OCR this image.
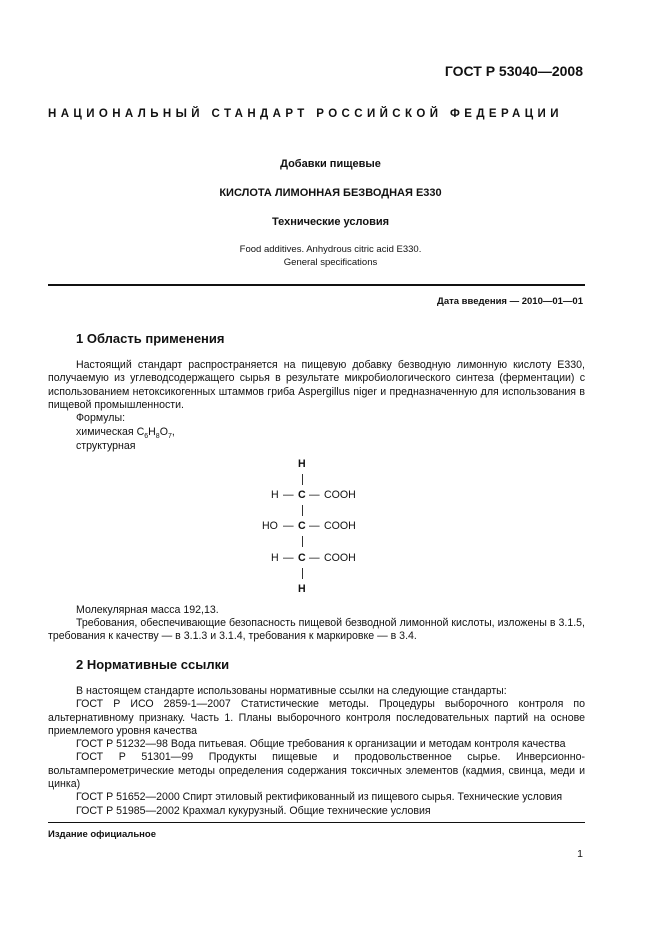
ГОСТ Р 53040—2008
НАЦИОНАЛЬНЫЙ СТАНДАРТ РОССИЙСКОЙ ФЕДЕРАЦИИ
Добавки пищевые
КИСЛОТА ЛИМОННАЯ БЕЗВОДНАЯ Е330
Технические условия
Food additives. Anhydrous citric acid E330.
General specifications
Дата введения — 2010—01—01
1 Область применения

Настоящий стандарт распространяется на пищевую добавку безводную лимонную кислоту Е330, получаемую из углеводсодержащего сырья в результате микробиологического синтеза (ферментации) с использованием нетоксикогенных штаммов гриба Aspergillus niger и предназначенную для использования в пищевой промышленности.

Формулы:
химическая $C_6H_8O_7$,
структурная
H
H — C — COOH
HO — C — COOH
H — C — COOH
H
Молекулярная масса 192,13.

Требования, обеспечивающие безопасность пищевой безводной лимонной кислоты, изложены в 3.1.5, требования к качеству — в 3.1.3 и 3.1.4, требования к маркировке — в 3.4.

2 Нормативные ссылки

В настоящем стандарте использованы нормативные ссылки на следующие стандарты:

ГОСТ Р ИСО 2859-1—2007 Статистические методы. Процедуры выборочного контроля по альтернативному признаку. Часть 1. Планы выборочного контроля последовательных партий на основе приемлемого уровня качества

ГОСТ Р 51232—98 Вода питьевая. Общие требования к организации и методам контроля качества

ГОСТ Р 51301—99 Продукты пищевые и продовольственное сырье. Инверсионно-вольтамперометрические методы определения содержания токсичных элементов (кадмия, свинца, меди и цинка)

ГОСТ Р 51652—2000 Спирт этиловый ректификованный из пищевого сырья. Технические условия

ГОСТ Р 51985—2002 Крахмал кукурузный. Общие технические условия

Издание официальное
1
